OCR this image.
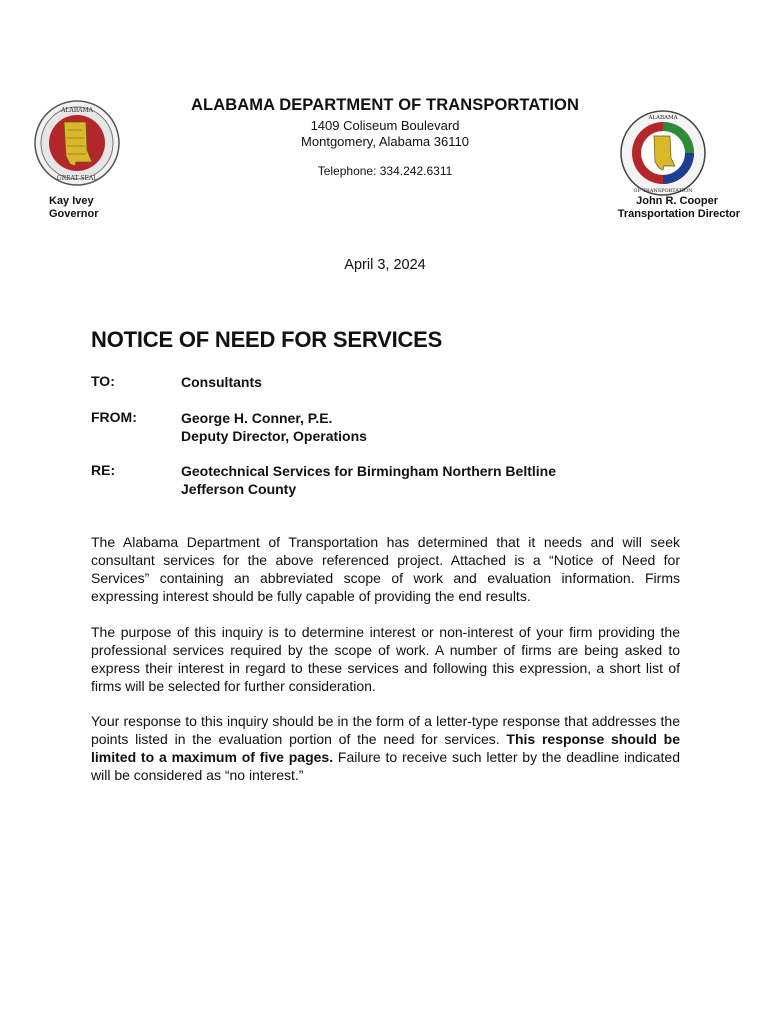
ALABAMA
GREAT SEAL
ALABAMA
OF TRANSPORTATION
ALABAMA DEPARTMENT OF TRANSPORTATION
1409 Coliseum Boulevard
Montgomery, Alabama 36110
Telephone: 334.242.6311
Kay Ivey
Governor
John R. Cooper
Transportation Director
April 3, 2024
NOTICE OF NEED FOR SERVICES
TO:	Consultants
FROM:	George H. Conner, P.E.
Deputy Director, Operations
RE:	Geotechnical Services for Birmingham Northern Beltline
Jefferson County
The Alabama Department of Transportation has determined that it needs and will seek consultant services for the above referenced project. Attached is a “Notice of Need for Services” containing an abbreviated scope of work and evaluation information. Firms expressing interest should be fully capable of providing the end results.
The purpose of this inquiry is to determine interest or non-interest of your firm providing the professional services required by the scope of work. A number of firms are being asked to express their interest in regard to these services and following this expression, a short list of firms will be selected for further consideration.
Your response to this inquiry should be in the form of a letter-type response that addresses the points listed in the evaluation portion of the need for services. This response should be limited to a maximum of five pages. Failure to receive such letter by the deadline indicated will be considered as “no interest.”
